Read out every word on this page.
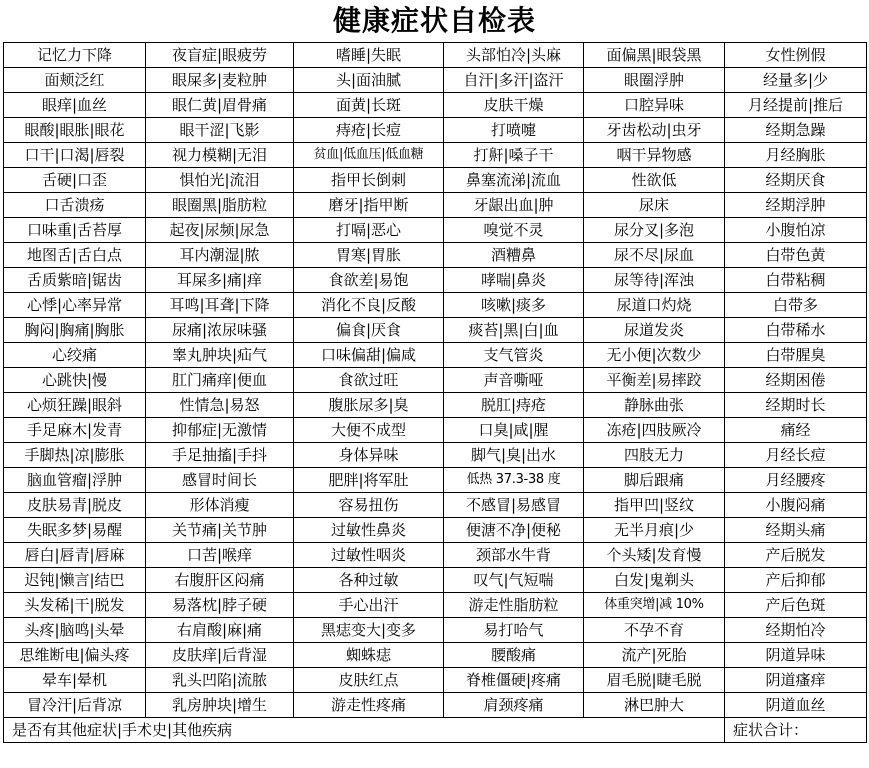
健康症状自检表
记忆力下降	夜盲症|眼疲劳	嗜睡|失眠	头部怕冷|头麻	面偏黑|眼袋黑	女性例假
面颊泛红	眼屎多|麦粒肿	头|面油腻	自汗|多汗|盗汗	眼圈浮肿	经量多|少
眼痒|血丝	眼仁黄|眉骨痛	面黄|长斑	皮肤干燥	口腔异味	月经提前|推后
眼酸|眼胀|眼花	眼干涩|飞影	痔疮|长痘	打喷嚏	牙齿松动|虫牙	经期急躁
口干|口渴|唇裂	视力模糊|无泪	贫血|低血压|低血糖	打鼾|嗓子干	咽干异物感	月经胸胀
舌硬|口歪	惧怕光|流泪	指甲长倒刺	鼻塞流涕|流血	性欲低	经期厌食
口舌溃疡	眼圈黑|脂肪粒	磨牙|指甲断	牙龈出血|肿	尿床	经期浮肿
口味重|舌苔厚	起夜|尿频|尿急	打嗝|恶心	嗅觉不灵	尿分叉|多泡	小腹怕凉
地图舌|舌白点	耳内潮湿|脓	胃寒|胃胀	酒糟鼻	尿不尽|尿血	白带色黄
舌质紫暗|锯齿	耳屎多|痛|痒	食欲差|易饱	哮喘|鼻炎	尿等待|浑浊	白带粘稠
心悸|心率异常	耳鸣|耳聋|下降	消化不良|反酸	咳嗽|痰多	尿道口灼烧	白带多
胸闷|胸痛|胸胀	尿痛|浓尿味骚	偏食|厌食	痰苔|黑|白|血	尿道发炎	白带稀水
心绞痛	睾丸肿块|疝气	口味偏甜|偏咸	支气管炎	无小便|次数少	白带腥臭
心跳快|慢	肛门痛痒|便血	食欲过旺	声音嘶哑	平衡差|易摔跤	经期困倦
心烦狂躁|眼斜	性情急|易怒	腹胀尿多|臭	脱肛|痔疮	静脉曲张	经期时长
手足麻木|发青	抑郁症|无激情	大便不成型	口臭|咸|腥	冻疮|四肢厥冷	痛经
手脚热|凉|膨胀	手足抽搐|手抖	身体异味	脚气|臭|出水	四肢无力	月经长痘
脑血管瘤|浮肿	感冒时间长	肥胖|将军肚	低热 37.3-38 度	脚后跟痛	月经腰疼
皮肤易青|脱皮	形体消瘦	容易扭伤	不感冒|易感冒	指甲凹|竖纹	小腹闷痛
失眠多梦|易醒	关节痛|关节肿	过敏性鼻炎	便溏不净|便秘	无半月痕|少	经期头痛
唇白|唇青|唇麻	口苦|喉痒	过敏性咽炎	颈部水牛背	个头矮|发育慢	产后脱发
迟钝|懒言|结巴	右腹肝区闷痛	各种过敏	叹气|气短喘	白发|鬼剃头	产后抑郁
头发稀|干|脱发	易落枕|脖子硬	手心出汗	游走性脂肪粒	体重突增|减 10%	产后色斑
头疼|脑鸣|头晕	右肩酸|麻|痛	黑痣变大|变多	易打哈气	不孕不育	经期怕冷
思维断电|偏头疼	皮肤痒|后背湿	蜘蛛痣	腰酸痛	流产|死胎	阴道异味
晕车|晕机	乳头凹陷|流脓	皮肤红点	脊椎僵硬|疼痛	眉毛脱|睫毛脱	阴道瘙痒
冒冷汗|后背凉	乳房肿块|增生	游走性疼痛	肩颈疼痛	淋巴肿大	阴道血丝
是否有其他症状|手术史|其他疾病					症状合计：
